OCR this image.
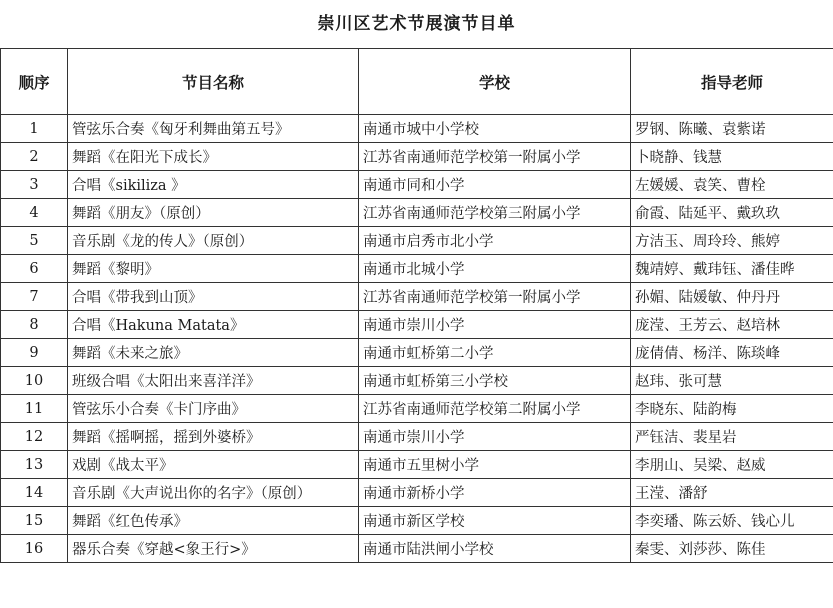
崇川区艺术节展演节目单
顺序	节目名称	学校	指导老师
1	管弦乐合奏《匈牙利舞曲第五号》	南通市城中小学校	罗钢、陈曦、袁紫诺
2	舞蹈《在阳光下成长》	江苏省南通师范学校第一附属小学	卜晓静、钱慧
3	合唱《sikiliza 》	南通市同和小学	左媛媛、袁笑、曹栓
4	舞蹈《朋友》（原创）	江苏省南通师范学校第三附属小学	俞霞、陆延平、戴玖玖
5	音乐剧《龙的传人》（原创）	南通市启秀市北小学	方洁玉、周玲玲、熊婷
6	舞蹈《黎明》	南通市北城小学	魏靖婷、戴玮钰、潘佳晔
7	合唱《带我到山顶》	江苏省南通师范学校第一附属小学	孙媚、陆媛敏、仲丹丹
8	合唱《Hakuna Matata》	南通市崇川小学	庞滢、王芳云、赵培林
9	舞蹈《未来之旅》	南通市虹桥第二小学	庞倩倩、杨洋、陈琰峰
10	班级合唱《太阳出来喜洋洋》	南通市虹桥第三小学校	赵玮、张可慧
11	管弦乐小合奏《卡门序曲》	江苏省南通师范学校第二附属小学	李晓东、陆韵梅
12	舞蹈《摇啊摇，摇到外婆桥》	南通市崇川小学	严钰洁、裴星岩
13	戏剧《战太平》	南通市五里树小学	李朋山、吴梁、赵威
14	音乐剧《大声说出你的名字》（原创）	南通市新桥小学	王滢、潘舒
15	舞蹈《红色传承》	南通市新区学校	李奕璠、陈云娇、钱心儿
16	器乐合奏《穿越<象王行>》	南通市陆洪闸小学校	秦雯、刘莎莎、陈佳
